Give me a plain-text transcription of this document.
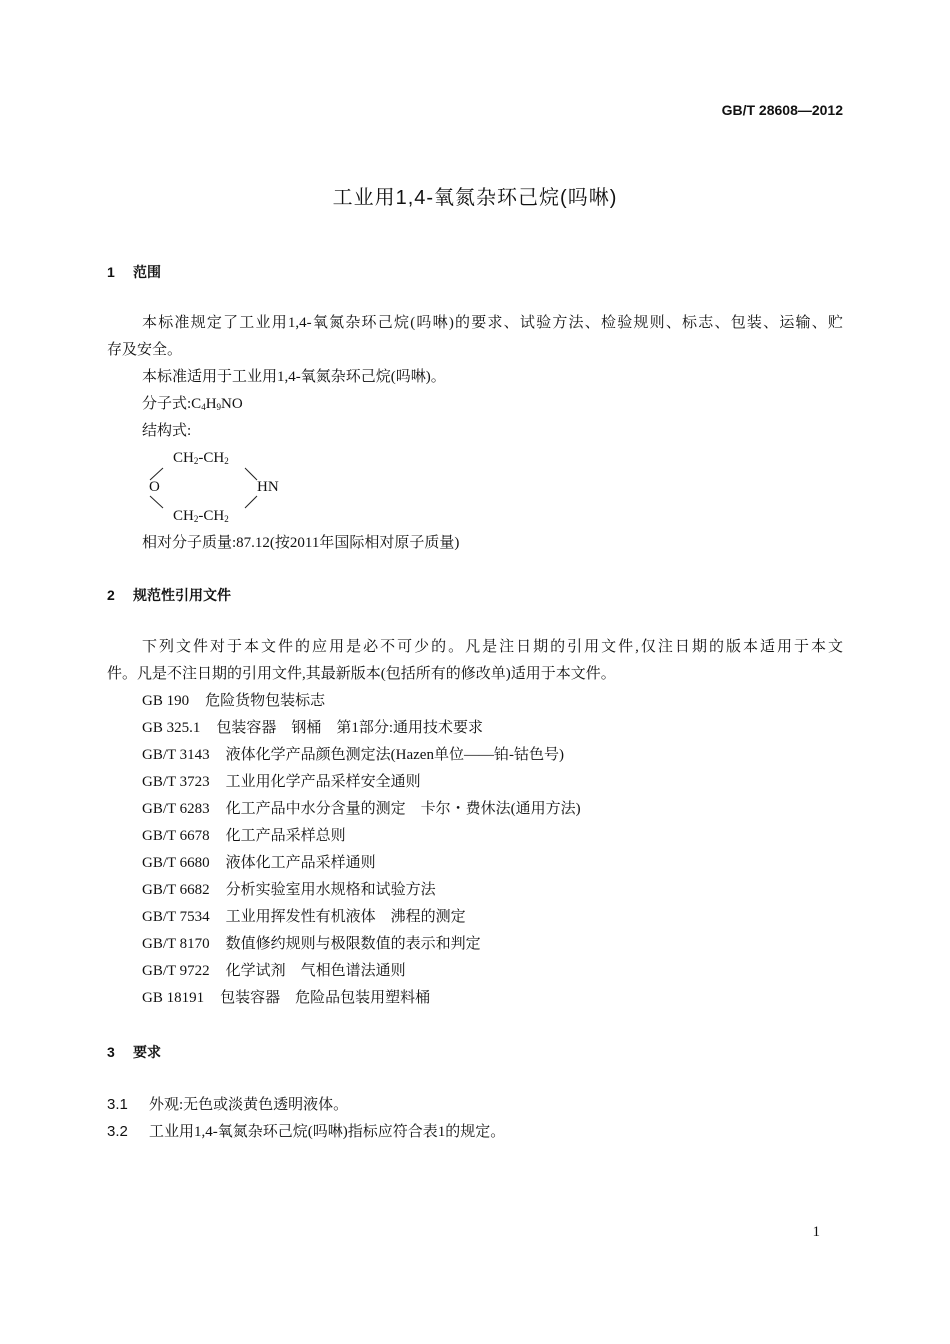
GB/T 28608—2012
工业用1,4-氧氮杂环己烷(吗啉)
1 范围
本标准规定了工业用1,4-氧氮杂环己烷(吗啉)的要求、试验方法、检验规则、标志、包装、运输、贮
存及安全。
本标准适用于工业用1,4-氧氮杂环己烷(吗啉)。
分子式$:C_4H_9NO$
结构式:
$CH_2-CH_2$
O	HN
$CH_2-CH_2$
相对分子质量:87.12(按2011年国际相对原子质量)
2 规范性引用文件
下列文件对于本文件的应用是必不可少的。凡是注日期的引用文件,仅注日期的版本适用于本文
件。凡是不注日期的引用文件,其最新版本(包括所有的修改单)适用于本文件。
GB 190 危险货物包装标志
GB 325.1 包装容器　钢桶　第1部分:通用技术要求
GB/T 3143 液体化学产品颜色测定法(Hazen单位——铂-钴色号)
GB/T 3723 工业用化学产品采样安全通则
GB/T 6283 化工产品中水分含量的测定　卡尔・费休法(通用方法)
GB/T 6678 化工产品采样总则
GB/T 6680 液体化工产品采样通则
GB/T 6682 分析实验室用水规格和试验方法
GB/T 7534 工业用挥发性有机液体　沸程的测定
GB/T 8170 数值修约规则与极限数值的表示和判定
GB/T 9722 化学试剂　气相色谱法通则
GB 18191 包装容器　危险品包装用塑料桶
3 要求
3.1 外观:无色或淡黄色透明液体。
3.2 工业用1,4-氧氮杂环己烷(吗啉)指标应符合表1的规定。
1
